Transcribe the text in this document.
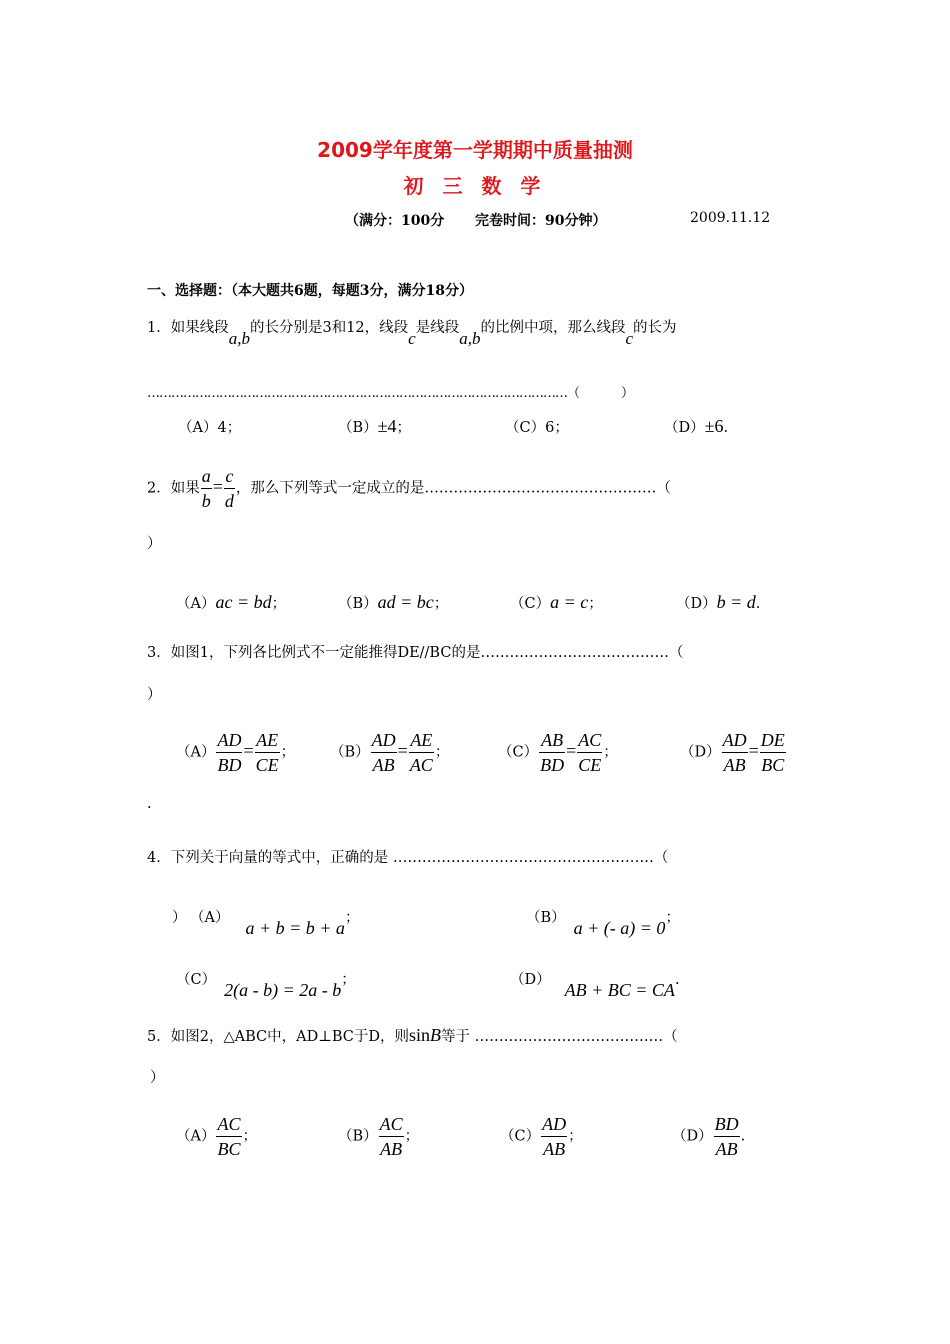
2009学年度第一学期期中质量抽测
初 三 数 学
（满分：100分 完卷时间：90分钟）	2009.11.12
一、选择题：（本大题共6题，每题3分，满分18分）
1．如果线段a,b的长分别是3和12，线段c是线段a,b的比例中项，那么线段c的长为
……………………………………………………………………………………………（	）
（A）4；	（B）±4；	（C）6；	（D）±6.
2．如果 $\frac{a}{b} = \frac{c}{d}$ ，那么下列等式一定成立的是…………………………………………（
）
（A）ac = bd；	（B）ad = bc；	（C）a = c；	（D）b = d.
3．如图1，下列各比例式不一定能推得DE//BC的是…………………………………（
）
$(A) \frac{AD}{BD} = \frac{AE}{CE}$ ； $(B) \frac{AD}{AB} = \frac{AE}{AC}$ ；	$(C) \frac{AB}{BD} = \frac{AC}{CE}$ ；	$(D) \frac{AD}{AB} = \frac{DE}{BC}$
.
4．下列关于向量的等式中，正确的是 ………………………………………………（
） （A） a + b = b + a；	（B） a + (- a) = 0；
（C） 2(a - b) = 2a - b；	（D） AB + BC = CA.
5．如图2，△ABC中，AD⊥BC于D，则sinB等于 …………………………………（
）
$(A) \frac{AC}{BC}$ ；	$(B) \frac{AC}{AB}$ ；	$(C) \frac{AD}{AB}$ ；	$(D) \frac{BD}{AB}$ .
